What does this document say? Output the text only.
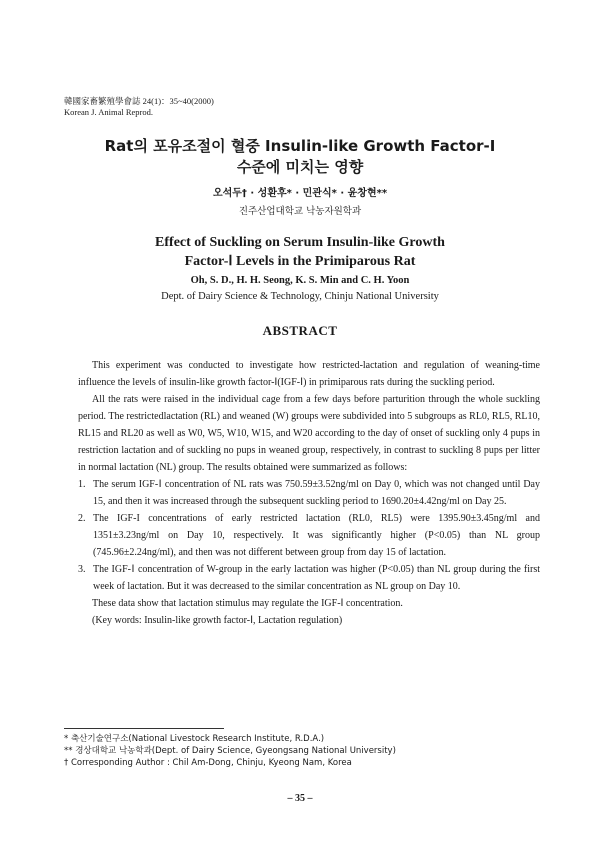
韓國家畜繁殖學會誌 24(1)：35~40(2000)
Korean J. Animal Reprod.
Rat의 포유조절이 혈중 Insulin-like Growth Factor-Ⅰ
수준에 미치는 영향
오석두† · 성환후* · 민관식* · 윤창현**
진주산업대학교 낙농자원학과
Effect of Suckling on Serum Insulin-like Growth
Factor-Ⅰ Levels in the Primiparous Rat
Oh, S. D., H. H. Seong, K. S. Min and C. H. Yoon
Dept. of Dairy Science & Technology, Chinju National University
ABSTRACT

This experiment was conducted to investigate how restricted-lactation and regulation of weaning-time influence the levels of insulin-like growth factor-Ⅰ(IGF-Ⅰ) in primiparous rats during the suckling period.

All the rats were raised in the individual cage from a few days before parturition through the whole suckling period. The restrictedlactation (RL) and weaned (W) groups were subdivided into 5 subgroups as RL0, RL5, RL10, RL15 and RL20 as well as W0, W5, W10, W15, and W20 according to the day of onset of suckling only 4 pups in restriction lactation and of suckling no pups in weaned group, respectively, in contrast to suckling 8 pups per litter in normal lactation (NL) group. The results obtained were summarized as follows:

1. The serum IGF-Ⅰ concentration of NL rats was 750.59±3.52ng/ml on Day 0, which was not changed until Day 15, and then it was increased through the subsequent suckling period to 1690.20±4.42ng/ml on Day 25.
2. The IGF-I concentrations of early restricted lactation (RL0, RL5) were 1395.90±3.45ng/ml and 1351±3.23ng/ml on Day 10, respectively. It was significantly higher (P<0.05) than NL group (745.96±2.24ng/ml), and then was not different between group from day 15 of lactation.
3. The IGF-Ⅰ concentration of W-group in the early lactation was higher (P<0.05) than NL group during the first week of lactation. But it was decreased to the similar concentration as NL group on Day 10.

These data show that lactation stimulus may regulate the IGF-Ⅰ concentration.

(Key words: Insulin-like growth factor-Ⅰ, Lactation regulation)

* 축산기술연구소(National Livestock Research Institute, R.D.A.)
** 경상대학교 낙농학과(Dept. of Dairy Science, Gyeongsang National University)
† Corresponding Author : Chil Am-Dong, Chinju, Kyeong Nam, Korea
– 35 –
